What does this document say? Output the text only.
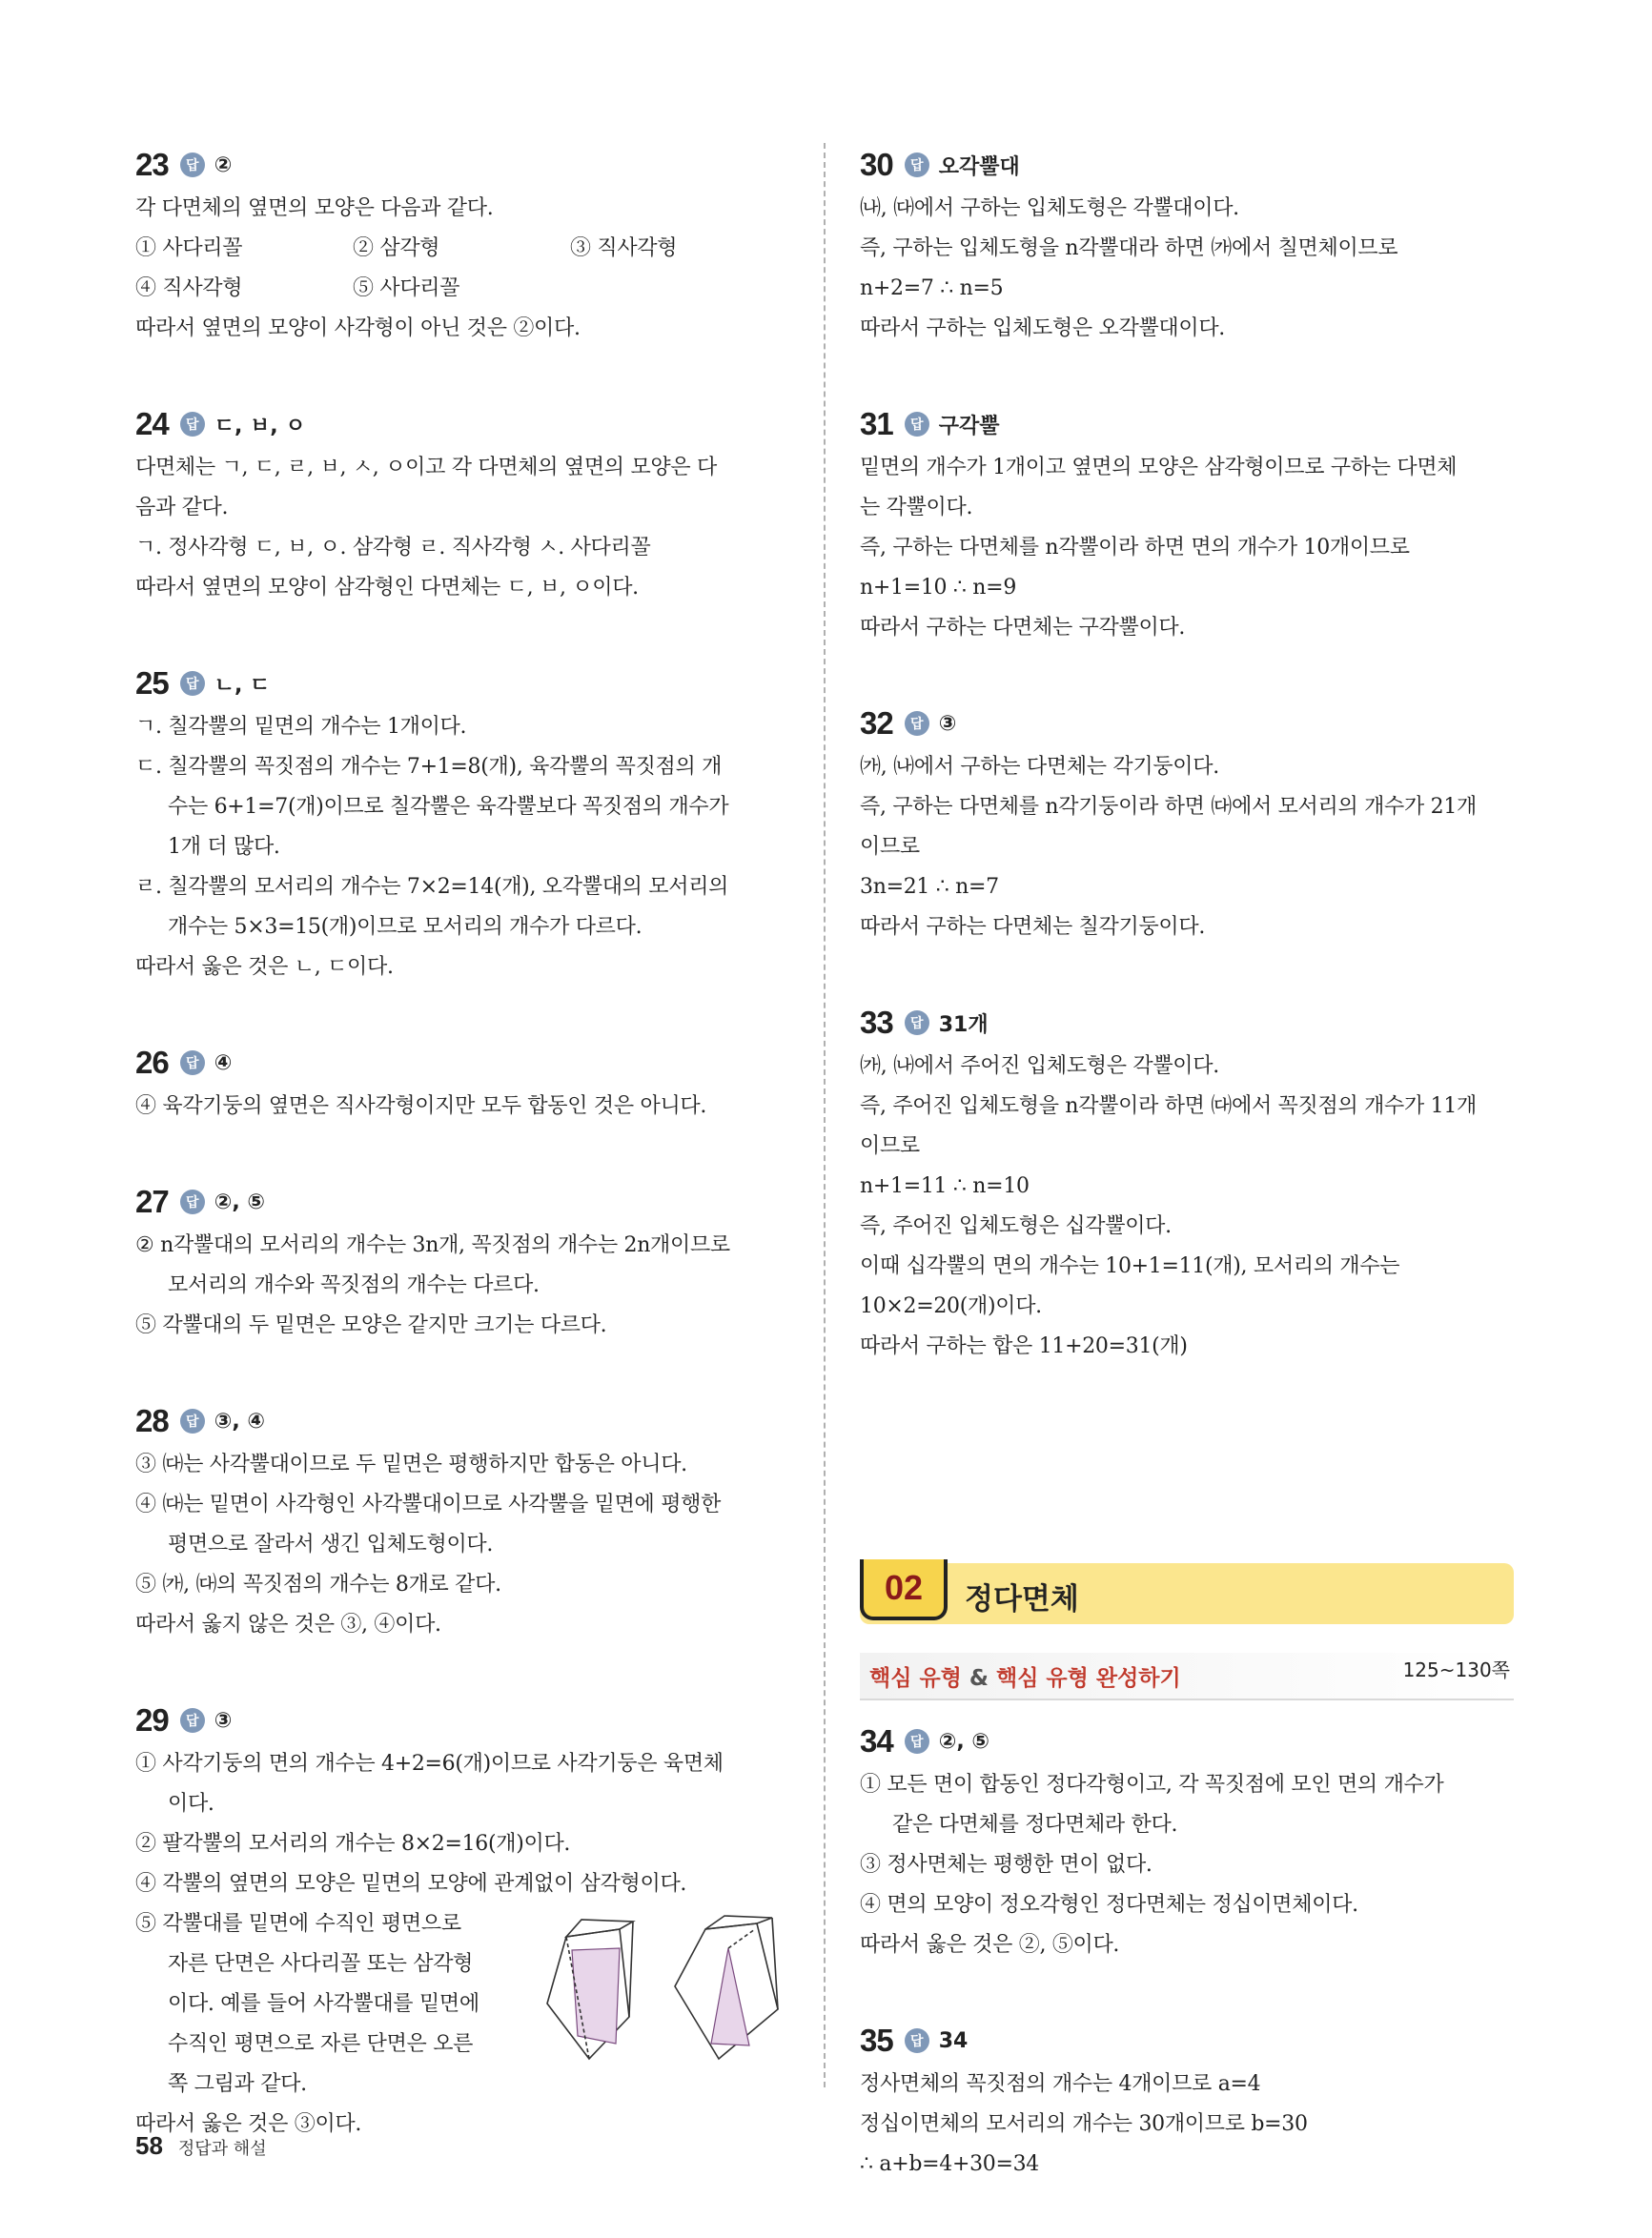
23	답 ②
각 다면체의 옆면의 모양은 다음과 같다.
① 사다리꼴	② 삼각형	③ 직사각형
④ 직사각형	⑤ 사다리꼴
따라서 옆면의 모양이 사각형이 아닌 것은 ②이다.
24	답 ㄷ, ㅂ, ㅇ
다면체는 ㄱ, ㄷ, ㄹ, ㅂ, ㅅ, ㅇ이고 각 다면체의 옆면의 모양은 다
음과 같다.
ㄱ. 정사각형 ㄷ, ㅂ, ㅇ. 삼각형 ㄹ. 직사각형 ㅅ. 사다리꼴
따라서 옆면의 모양이 삼각형인 다면체는 ㄷ, ㅂ, ㅇ이다.
25	답 ㄴ, ㄷ
ㄱ. 칠각뿔의 밑면의 개수는 1개이다.
ㄷ. 칠각뿔의 꼭짓점의 개수는 7+1=8(개), 육각뿔의 꼭짓점의 개
수는 6+1=7(개)이므로 칠각뿔은 육각뿔보다 꼭짓점의 개수가
1개 더 많다.
ㄹ. 칠각뿔의 모서리의 개수는 7×2=14(개), 오각뿔대의 모서리의
개수는 5×3=15(개)이므로 모서리의 개수가 다르다.
따라서 옳은 것은 ㄴ, ㄷ이다.
26	답 ④
④ 육각기둥의 옆면은 직사각형이지만 모두 합동인 것은 아니다.
27	답 ②, ⑤
② n각뿔대의 모서리의 개수는 3n개, 꼭짓점의 개수는 2n개이므로
모서리의 개수와 꼭짓점의 개수는 다르다.
⑤ 각뿔대의 두 밑면은 모양은 같지만 크기는 다르다.
28	답 ③, ④
③ ㈐는 사각뿔대이므로 두 밑면은 평행하지만 합동은 아니다.
④ ㈐는 밑면이 사각형인 사각뿔대이므로 사각뿔을 밑면에 평행한
평면으로 잘라서 생긴 입체도형이다.
⑤ ㈎, ㈐의 꼭짓점의 개수는 8개로 같다.
따라서 옳지 않은 것은 ③, ④이다.
29	답 ③
① 사각기둥의 면의 개수는 4+2=6(개)이므로 사각기둥은 육면체
이다.
② 팔각뿔의 모서리의 개수는 8×2=16(개)이다.
④ 각뿔의 옆면의 모양은 밑면의 모양에 관계없이 삼각형이다.
⑤ 각뿔대를 밑면에 수직인 평면으로
자른 단면은 사다리꼴 또는 삼각형
이다. 예를 들어 사각뿔대를 밑면에
수직인 평면으로 자른 단면은 오른
쪽 그림과 같다.
따라서 옳은 것은 ③이다.
30	답 오각뿔대
㈏, ㈐에서 구하는 입체도형은 각뿔대이다.
즉, 구하는 입체도형을 n각뿔대라 하면 ㈎에서 칠면체이므로
n+2=7 ∴ n=5
따라서 구하는 입체도형은 오각뿔대이다.
31	답 구각뿔
밑면의 개수가 1개이고 옆면의 모양은 삼각형이므로 구하는 다면체
는 각뿔이다.
즉, 구하는 다면체를 n각뿔이라 하면 면의 개수가 10개이므로
n+1=10 ∴ n=9
따라서 구하는 다면체는 구각뿔이다.
32	답 ③
㈎, ㈏에서 구하는 다면체는 각기둥이다.
즉, 구하는 다면체를 n각기둥이라 하면 ㈐에서 모서리의 개수가 21개
이므로
3n=21 ∴ n=7
따라서 구하는 다면체는 칠각기둥이다.
33	답 31개
㈎, ㈏에서 주어진 입체도형은 각뿔이다.
즉, 주어진 입체도형을 n각뿔이라 하면 ㈐에서 꼭짓점의 개수가 11개
이므로
n+1=11 ∴ n=10
즉, 주어진 입체도형은 십각뿔이다.
이때 십각뿔의 면의 개수는 10+1=11(개), 모서리의 개수는
10×2=20(개)이다.
따라서 구하는 합은 11+20=31(개)
02	정다면체
핵심 유형 & 핵심 유형 완성하기	125~130쪽
34	답 ②, ⑤
① 모든 면이 합동인 정다각형이고, 각 꼭짓점에 모인 면의 개수가
같은 다면체를 정다면체라 한다.
③ 정사면체는 평행한 면이 없다.
④ 면의 모양이 정오각형인 정다면체는 정십이면체이다.
따라서 옳은 것은 ②, ⑤이다.
35	답 34
정사면체의 꼭짓점의 개수는 4개이므로 a=4
정십이면체의 모서리의 개수는 30개이므로 b=30
∴ a+b=4+30=34
58 정답과 해설
